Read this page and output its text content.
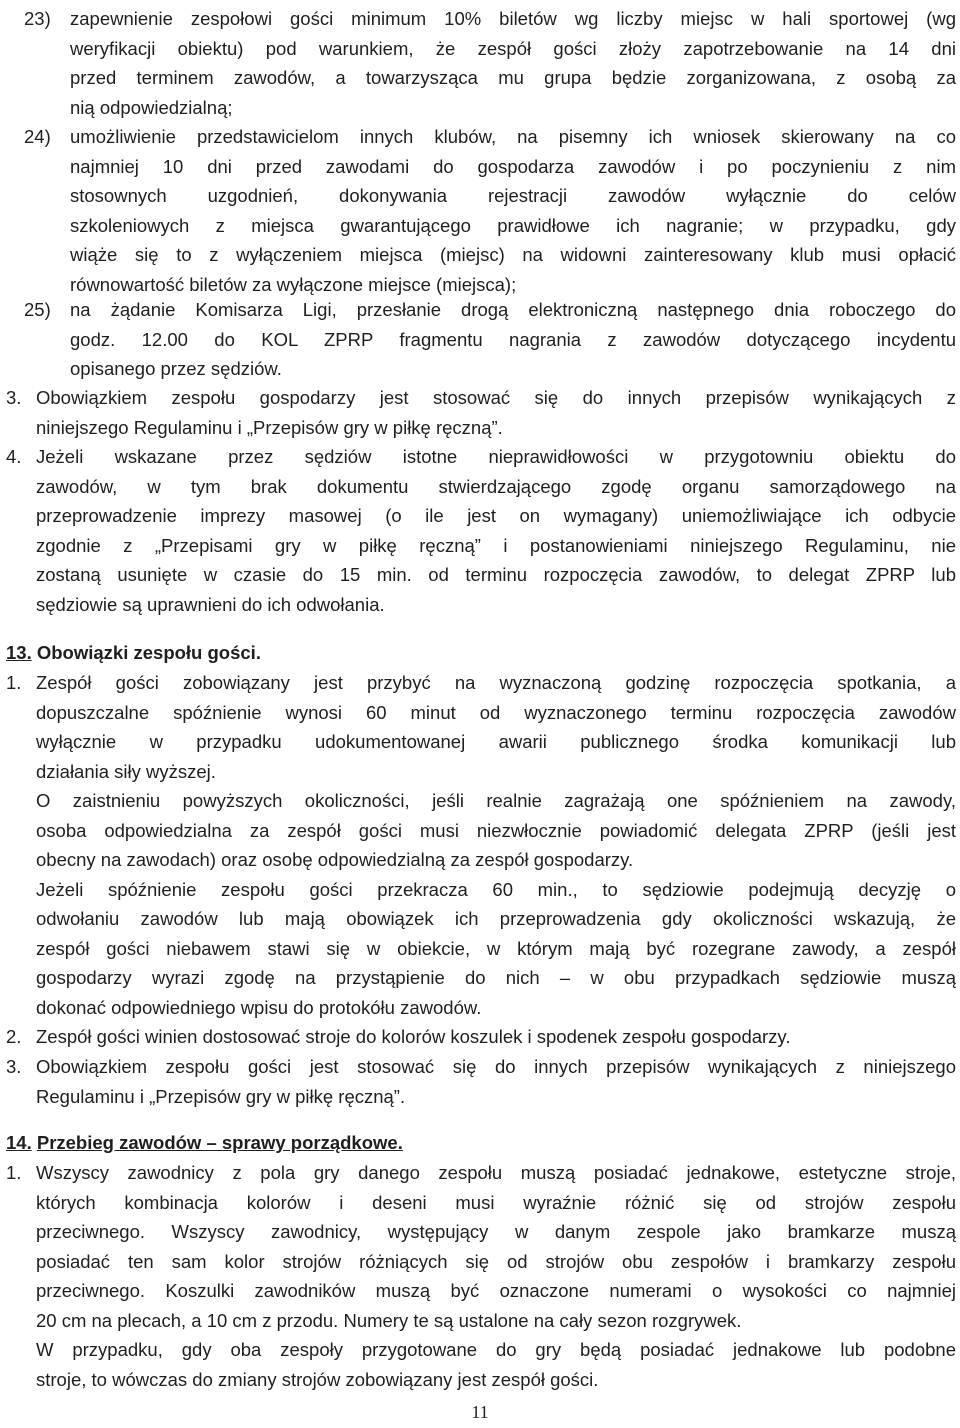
23) zapewnienie zespołowi gości minimum 10% biletów wg liczby miejsc w hali sportowej (wg
weryfikacji obiektu) pod warunkiem, że zespół gości złoży zapotrzebowanie na 14 dni
przed terminem zawodów, a towarzysząca mu grupa będzie zorganizowana, z osobą za
nią odpowiedzialną;
24) umożliwienie przedstawicielom innych klubów, na pisemny ich wniosek skierowany na co
najmniej 10 dni przed zawodami do gospodarza zawodów i po poczynieniu z nim
stosownych uzgodnień, dokonywania rejestracji zawodów wyłącznie do celów
szkoleniowych z miejsca gwarantującego prawidłowe ich nagranie; w przypadku, gdy
wiąże się to z wyłączeniem miejsca (miejsc) na widowni zainteresowany klub musi opłacić
równowartość biletów za wyłączone miejsce (miejsca);
25) na żądanie Komisarza Ligi, przesłanie drogą elektroniczną następnego dnia roboczego do
godz. 12.00 do KOL ZPRP fragmentu nagrania z zawodów dotyczącego incydentu
opisanego przez sędziów.
3. Obowiązkiem zespołu gospodarzy jest stosować się do innych przepisów wynikających z
niniejszego Regulaminu i „Przepisów gry w piłkę ręczną”.
4. Jeżeli wskazane przez sędziów istotne nieprawidłowości w przygotowniu obiektu do
zawodów, w tym brak dokumentu stwierdzającego zgodę organu samorządowego na
przeprowadzenie imprezy masowej (o ile jest on wymagany) uniemożliwiające ich odbycie
zgodnie z „Przepisami gry w piłkę ręczną” i postanowieniami niniejszego Regulaminu, nie
zostaną usunięte w czasie do 15 min. od terminu rozpoczęcia zawodów, to delegat ZPRP lub
sędziowie są uprawnieni do ich odwołania.
13. Obowiązki zespołu gości.
1. Zespół gości zobowiązany jest przybyć na wyznaczoną godzinę rozpoczęcia spotkania, a
dopuszczalne spóźnienie wynosi 60 minut od wyznaczonego terminu rozpoczęcia zawodów
wyłącznie w przypadku udokumentowanej awarii publicznego środka komunikacji lub
działania siły wyższej.
O zaistnieniu powyższych okoliczności, jeśli realnie zagrażają one spóźnieniem na zawody,
osoba odpowiedzialna za zespół gości musi niezwłocznie powiadomić delegata ZPRP (jeśli jest
obecny na zawodach) oraz osobę odpowiedzialną za zespół gospodarzy.
Jeżeli spóźnienie zespołu gości przekracza 60 min., to sędziowie podejmują decyzję o
odwołaniu zawodów lub mają obowiązek ich przeprowadzenia gdy okoliczności wskazują, że
zespół gości niebawem stawi się w obiekcie, w którym mają być rozegrane zawody, a zespół
gospodarzy wyrazi zgodę na przystąpienie do nich – w obu przypadkach sędziowie muszą
dokonać odpowiedniego wpisu do protokółu zawodów.
2. Zespół gości winien dostosować stroje do kolorów koszulek i spodenek zespołu gospodarzy.
3. Obowiązkiem zespołu gości jest stosować się do innych przepisów wynikających z niniejszego
Regulaminu i „Przepisów gry w piłkę ręczną”.
14. Przebieg zawodów – sprawy porządkowe.
1. Wszyscy zawodnicy z pola gry danego zespołu muszą posiadać jednakowe, estetyczne stroje,
których kombinacja kolorów i deseni musi wyraźnie różnić się od strojów zespołu
przeciwnego. Wszyscy zawodnicy, występujący w danym zespole jako bramkarze muszą
posiadać ten sam kolor strojów różniących się od strojów obu zespołów i bramkarzy zespołu
przeciwnego. Koszulki zawodników muszą być oznaczone numerami o wysokości co najmniej
20 cm na plecach, a 10 cm z przodu. Numery te są ustalone na cały sezon rozgrywek.
W przypadku, gdy oba zespoły przygotowane do gry będą posiadać jednakowe lub podobne
stroje, to wówczas do zmiany strojów zobowiązany jest zespół gości.
11
